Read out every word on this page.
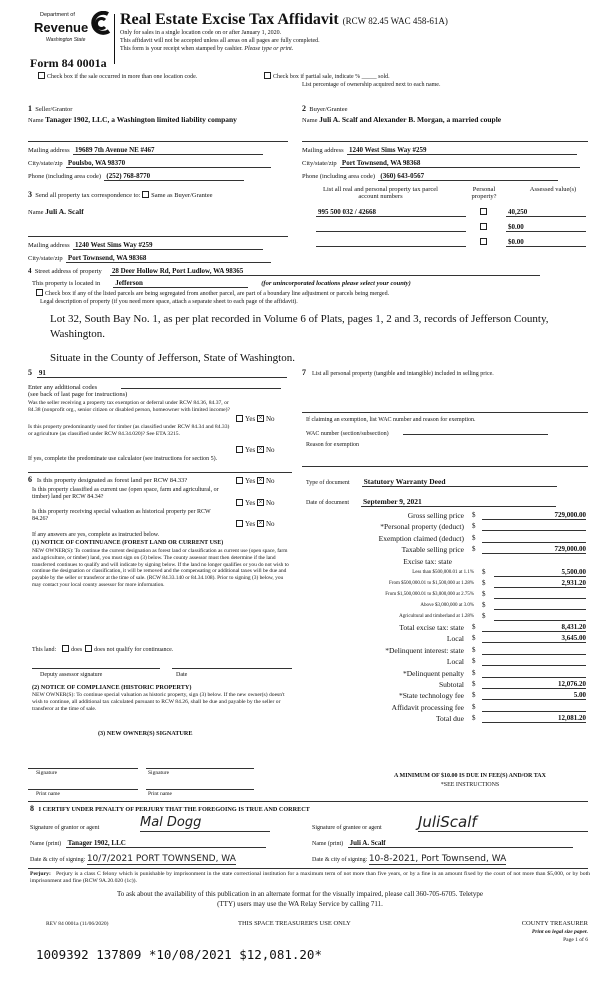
Department of
Revenue
Washington State
Real Estate Excise Tax Affidavit (RCW 82.45 WAC 458-61A)
Only for sales in a single location code on or after January 1, 2020.
This affidavit will not be accepted unless all areas on all pages are fully completed.
This form is your receipt when stamped by cashier. Please type or print.
Form 84 0001a
Check box if the sale occurred in more than one location code.	Check box if partial sale, indicate % _____ sold.
List percentage of ownership acquired next to each name.
1 Seller/Grantor
Name Tanager 1902, LLC, a Washington limited liability company
Mailing address 19689 7th Avenue NE #467
City/state/zip Poulsbo, WA 98370
Phone (including area code) (252) 768-8770
2 Buyer/Grantee
Name Juli A. Scalf and Alexander B. Morgan, a married couple
Mailing address 1240 West Sims Way #259
City/state/zip Port Townsend, WA 98368
Phone (including area code) (360) 643-0567
List all real and personal property tax parcel account numbers
Personal property?
Assessed value(s)
995 500 032 / 42668	40,250
$0.00
$0.00
3 Send all property tax correspondence to: Same as Buyer/Grantee
Name Juli A. Scalf
Mailing address 1240 West Sims Way #259
City/state/zip Port Townsend, WA 98368
4 Street address of property 28 Deer Hollow Rd, Port Ludlow, WA 98365
This property is located in Jefferson	(for unincorporated locations please select your county)
Check box if any of the listed parcels are being segregated from another parcel, are part of a boundary line adjustment or parcels being merged.
Legal description of property (if you need more space, attach a separate sheet to each page of the affidavit).
Lot 32, South Bay No. 1, as per plat recorded in Volume 6 of Plats, pages 1, 2 and 3, records of Jefferson County,
Washington.
Situate in the County of Jefferson, State of Washington.
5 91
Enter any additional codes
(see back of last page for instructions)
Was the seller receiving a property tax exemption or deferral under RCW 84.36, 84.37, or 84.38 (nonprofit org., senior citizen or disabled person, homeowner with limited income)?
Yes × No
Is this property predominantly used for timber (as classified under RCW 84.34 and 84.33) or agriculture (as classified under RCW 84.34.020)? See ETA 3215.
Yes × No
If yes, complete the predominate use calculator (see instructions for section 5).
6 Is this property designated as forest land per RCW 84.33?	Yes × No
Is this property classified as current use (open space, farm and agricultural, or timber) land per RCW 84.34?
Yes × No
Is this property receiving special valuation as historical property per RCW 84.26?
Yes × No
If any answers are yes, complete as instructed below.
(1) NOTICE OF CONTINUANCE (FOREST LAND OR CURRENT USE)
NEW OWNER(S): To continue the current designation as forest land or classification as current use (open space, farm and agriculture, or timber) land, you must sign on (3) below. The county assessor must then determine if the land transferred continues to qualify and will indicate by signing below. If the land no longer qualifies or you do not wish to continue the designation or classification, it will be removed and the compensating or additional taxes will be due and payable by the seller or transferor at the time of sale. (RCW 84.33.140 or 84.34.108). Prior to signing (3) below, you may contact your local county assessor for more information.
This land:	does does not qualify for continuance.
Deputy assessor signature	Date
(2) NOTICE OF COMPLIANCE (HISTORIC PROPERTY)
NEW OWNER(S): To continue special valuation as historic property, sign (3) below. If the new owner(s) doesn't wish to continue, all additional tax calculated pursuant to RCW 84.26, shall be due and payable by the seller or transferor at the time of sale.
(3) NEW OWNER(S) SIGNATURE
Signature	Signature
Print name	Print name
7 List all personal property (tangible and intangible) included in selling price.
If claiming an exemption, list WAC number and reason for exemption.
WAC number (section/subsection)
Reason for exemption
Type of document Statutory Warranty Deed
Date of document September 9, 2021
Gross selling price $	729,000.00
*Personal property (deduct) $
Exemption claimed (deduct) $
Taxable selling price $	729,000.00
Excise tax: state
Less than $500,000.01 at 1.1% $	5,500.00
From $500,000.01 to $1,500,000 at 1.28% $	2,931.20
From $1,500,000.01 to $3,000,000 at 2.75% $
Above $3,000,000 at 3.0% $
Agricultural and timberland at 1.28% $
Total excise tax: state $	8,431.20
Local $	3,645.00
*Delinquent interest: state $
Local $
*Delinquent penalty $
Subtotal $	12,076.20
*State technology fee $	5.00
Affidavit processing fee $
Total due $	12,081.20
A MINIMUM OF $10.00 IS DUE IN FEE(S) AND/OR TAX
*SEE INSTRUCTIONS
8 I CERTIFY UNDER PENALTY OF PERJURY THAT THE FOREGOING IS TRUE AND CORRECT
Signature of grantor or agent	Mal Dogg	Signature of grantee or agent JuliScalf
Name (print) Tanager 1902, LLC	Name (print) Juli A. Scalf
Date & city of signing: 10/7/2021 PORT TOWNSEND, WA	Date & city of signing: 10-8-2021, Port Townsend, WA
Perjury: Perjury is a class C felony which is punishable by imprisonment in the state correctional institution for a maximum term of not more than five years, or by a fine in an amount fixed by the court of not more than $5,000, or by both imprisonment and fine (RCW 9A.20.020 (1c)).
To ask about the availability of this publication in an alternate format for the visually impaired, please call 360-705-6705. Teletype
(TTY) users may use the WA Relay Service by calling 711.
REV 84 0001a (11/06/2020)	THIS SPACE TREASURER'S USE ONLY	COUNTY TREASURER
Print on legal size paper.
Page 1 of 6
1009392 137809 *10/08/2021 $12,081.20*
